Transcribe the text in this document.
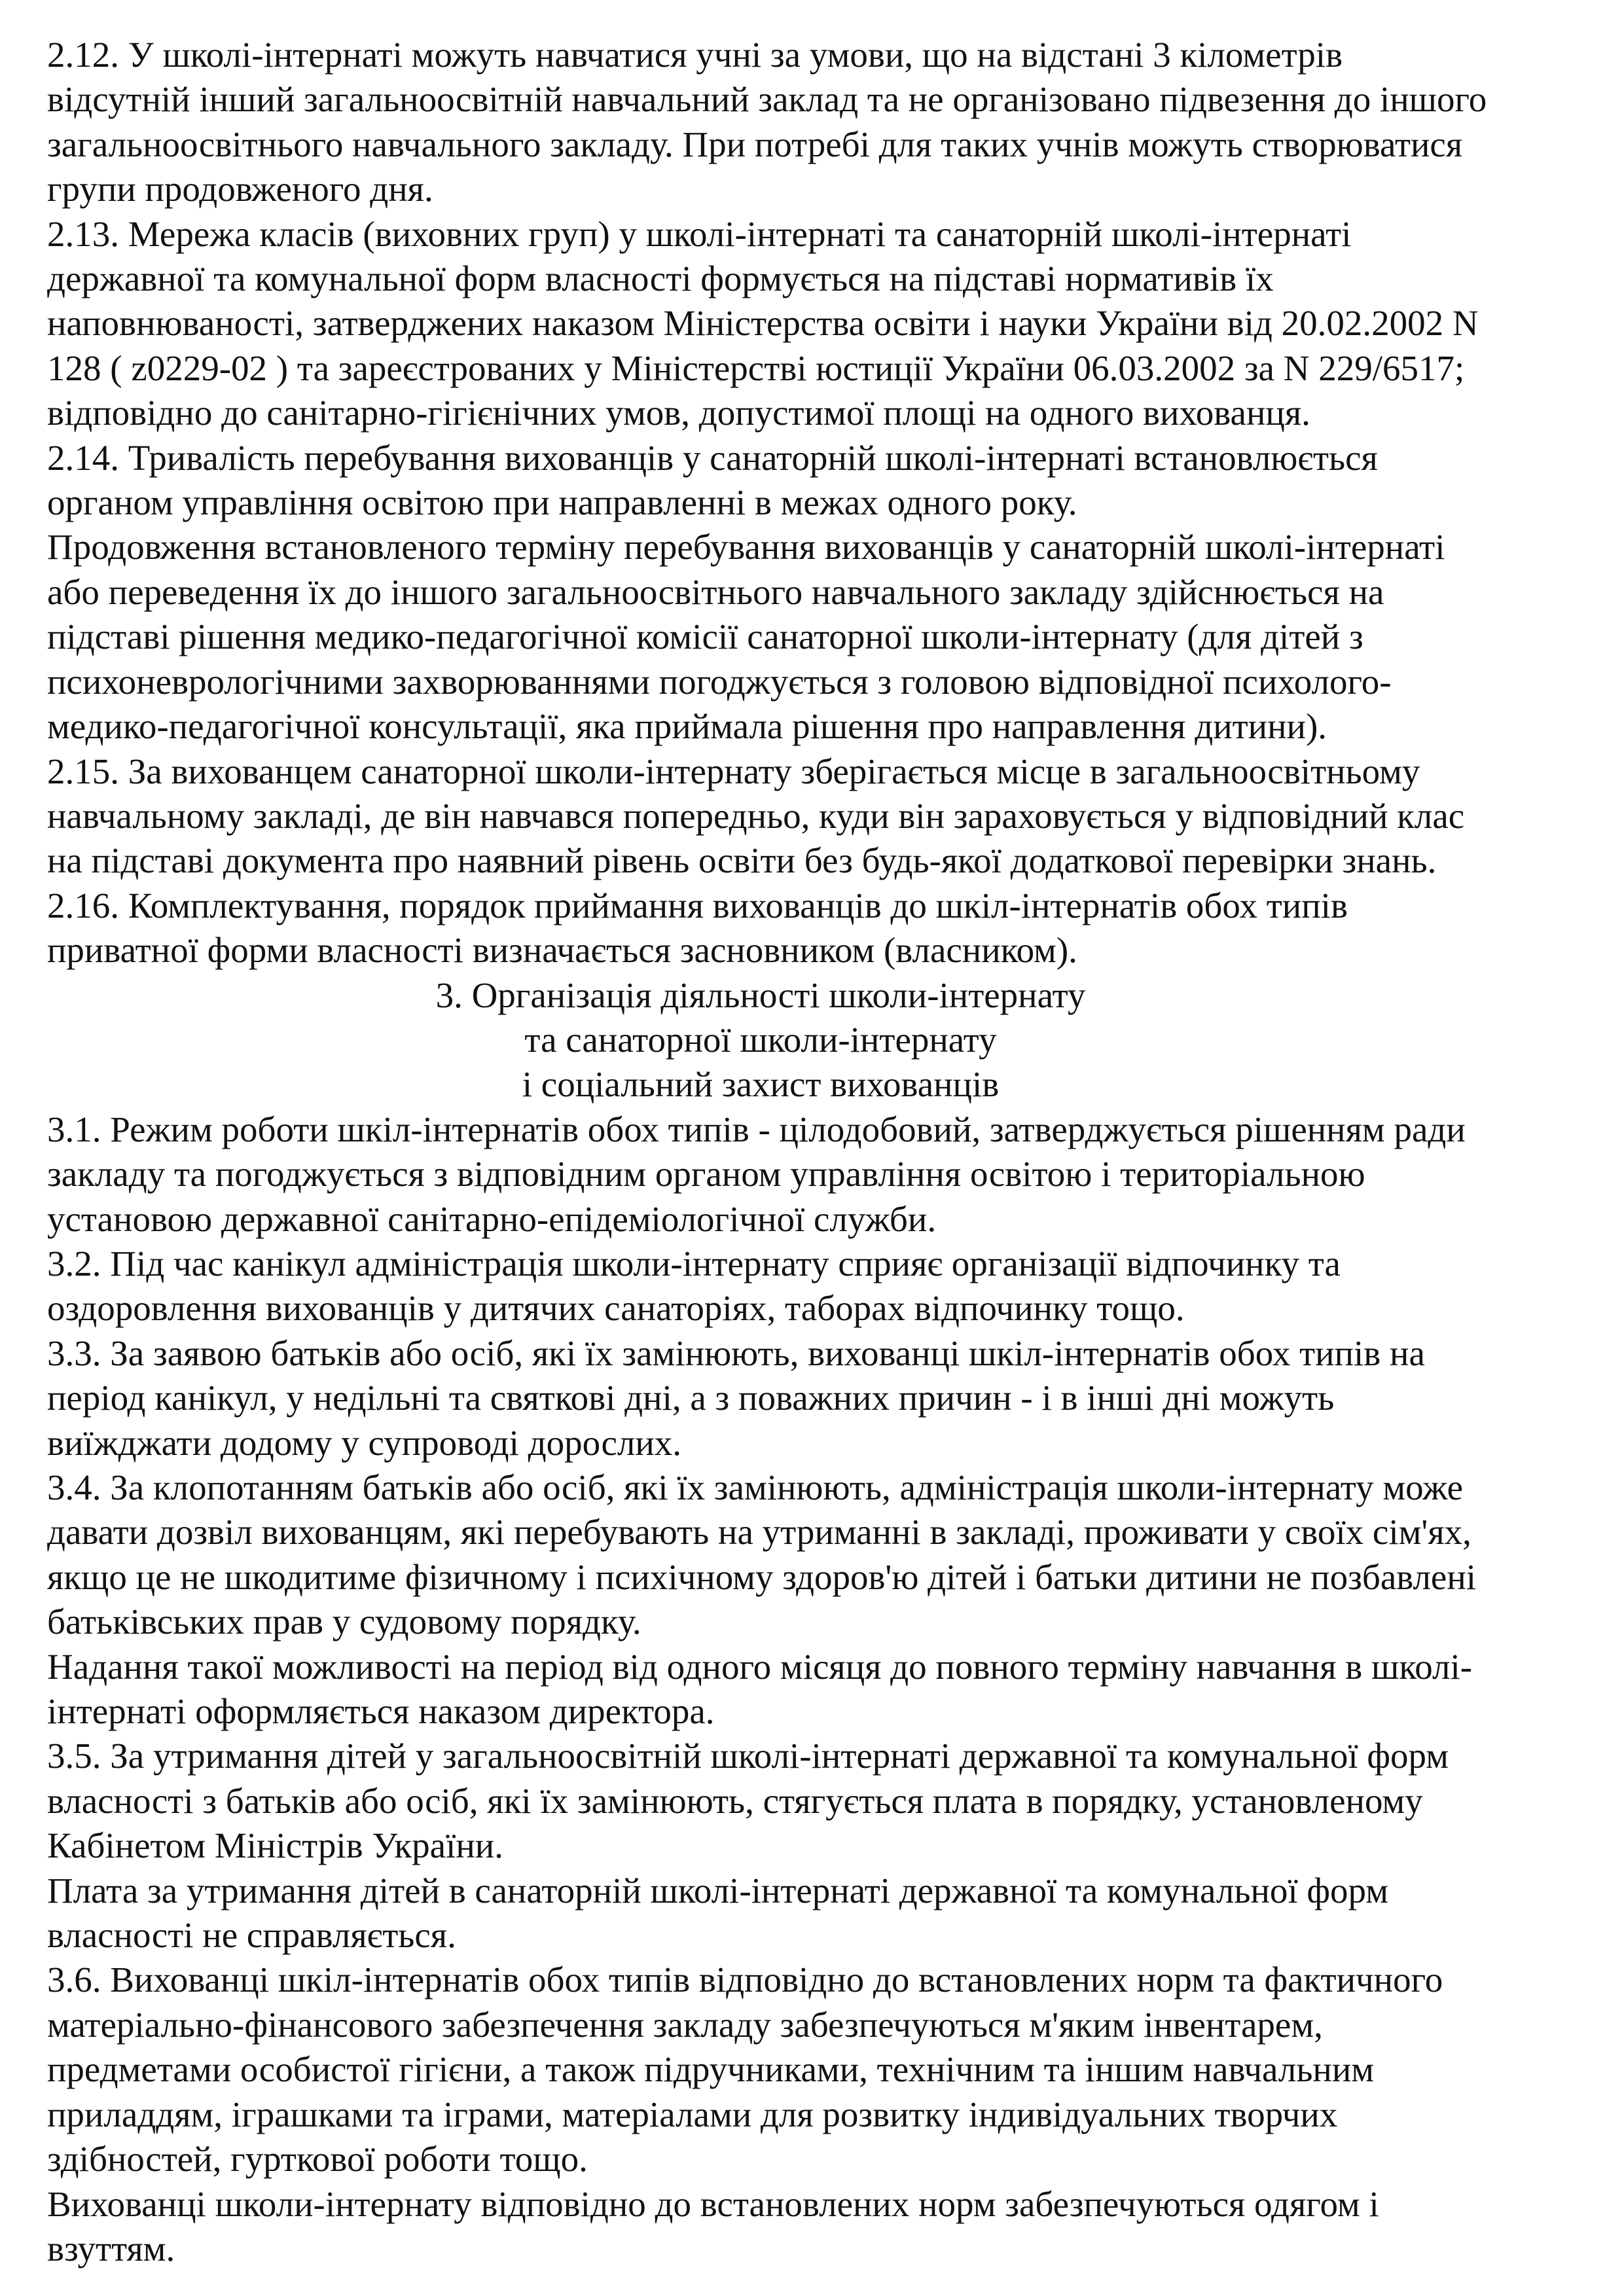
2.12. У школі-інтернаті можуть навчатися учні за умови, що на відстані 3 кілометрів
відсутній інший загальноосвітній навчальний заклад та не організовано підвезення до іншого
загальноосвітнього навчального закладу. При потребі для таких учнів можуть створюватися
групи продовженого дня.
2.13. Мережа класів (виховних груп) у школі-інтернаті та санаторній школі-інтернаті
державної та комунальної форм власності формується на підставі нормативів їх
наповнюваності, затверджених наказом Міністерства освіти і науки України від 20.02.2002 N
128 ( z0229-02 ) та зареєстрованих у Міністерстві юстиції України 06.03.2002 за N 229/6517;
відповідно до санітарно-гігієнічних умов, допустимої площі на одного вихованця.
2.14. Тривалість перебування вихованців у санаторній школі-інтернаті встановлюється
органом управління освітою при направленні в межах одного року.
Продовження встановленого терміну перебування вихованців у санаторній школі-інтернаті
або переведення їх до іншого загальноосвітнього навчального закладу здійснюється на
підставі рішення медико-педагогічної комісії санаторної школи-інтернату (для дітей з
психоневрологічними захворюваннями погоджується з головою відповідної психолого-
медико-педагогічної консультації, яка приймала рішення про направлення дитини).
2.15. За вихованцем санаторної школи-інтернату зберігається місце в загальноосвітньому
навчальному закладі, де він навчався попередньо, куди він зараховується у відповідний клас
на підставі документа про наявний рівень освіти без будь-якої додаткової перевірки знань.
2.16. Комплектування, порядок приймання вихованців до шкіл-інтернатів обох типів
приватної форми власності визначається засновником (власником).
3. Організація діяльності школи-інтернату
та санаторної школи-інтернату
і соціальний захист вихованців
3.1. Режим роботи шкіл-інтернатів обох типів - цілодобовий, затверджується рішенням ради
закладу та погоджується з відповідним органом управління освітою і територіальною
установою державної санітарно-епідеміологічної служби.
3.2. Під час канікул адміністрація школи-інтернату сприяє організації відпочинку та
оздоровлення вихованців у дитячих санаторіях, таборах відпочинку тощо.
3.3. За заявою батьків або осіб, які їх замінюють, вихованці шкіл-інтернатів обох типів на
період канікул, у недільні та святкові дні, а з поважних причин - і в інші дні можуть
виїжджати додому у супроводі дорослих.
3.4. За клопотанням батьків або осіб, які їх замінюють, адміністрація школи-інтернату може
давати дозвіл вихованцям, які перебувають на утриманні в закладі, проживати у своїх сім'ях,
якщо це не шкодитиме фізичному і психічному здоров'ю дітей і батьки дитини не позбавлені
батьківських прав у судовому порядку.
Надання такої можливості на період від одного місяця до повного терміну навчання в школі-
інтернаті оформляється наказом директора.
3.5. За утримання дітей у загальноосвітній школі-інтернаті державної та комунальної форм
власності з батьків або осіб, які їх замінюють, стягується плата в порядку, установленому
Кабінетом Міністрів України.
Плата за утримання дітей в санаторній школі-інтернаті державної та комунальної форм
власності не справляється.
3.6. Вихованці шкіл-інтернатів обох типів відповідно до встановлених норм та фактичного
матеріально-фінансового забезпечення закладу забезпечуються м'яким інвентарем,
предметами особистої гігієни, а також підручниками, технічним та іншим навчальним
приладдям, іграшками та іграми, матеріалами для розвитку індивідуальних творчих
здібностей, гурткової роботи тощо.
Вихованці школи-інтернату відповідно до встановлених норм забезпечуються одягом і
взуттям.
